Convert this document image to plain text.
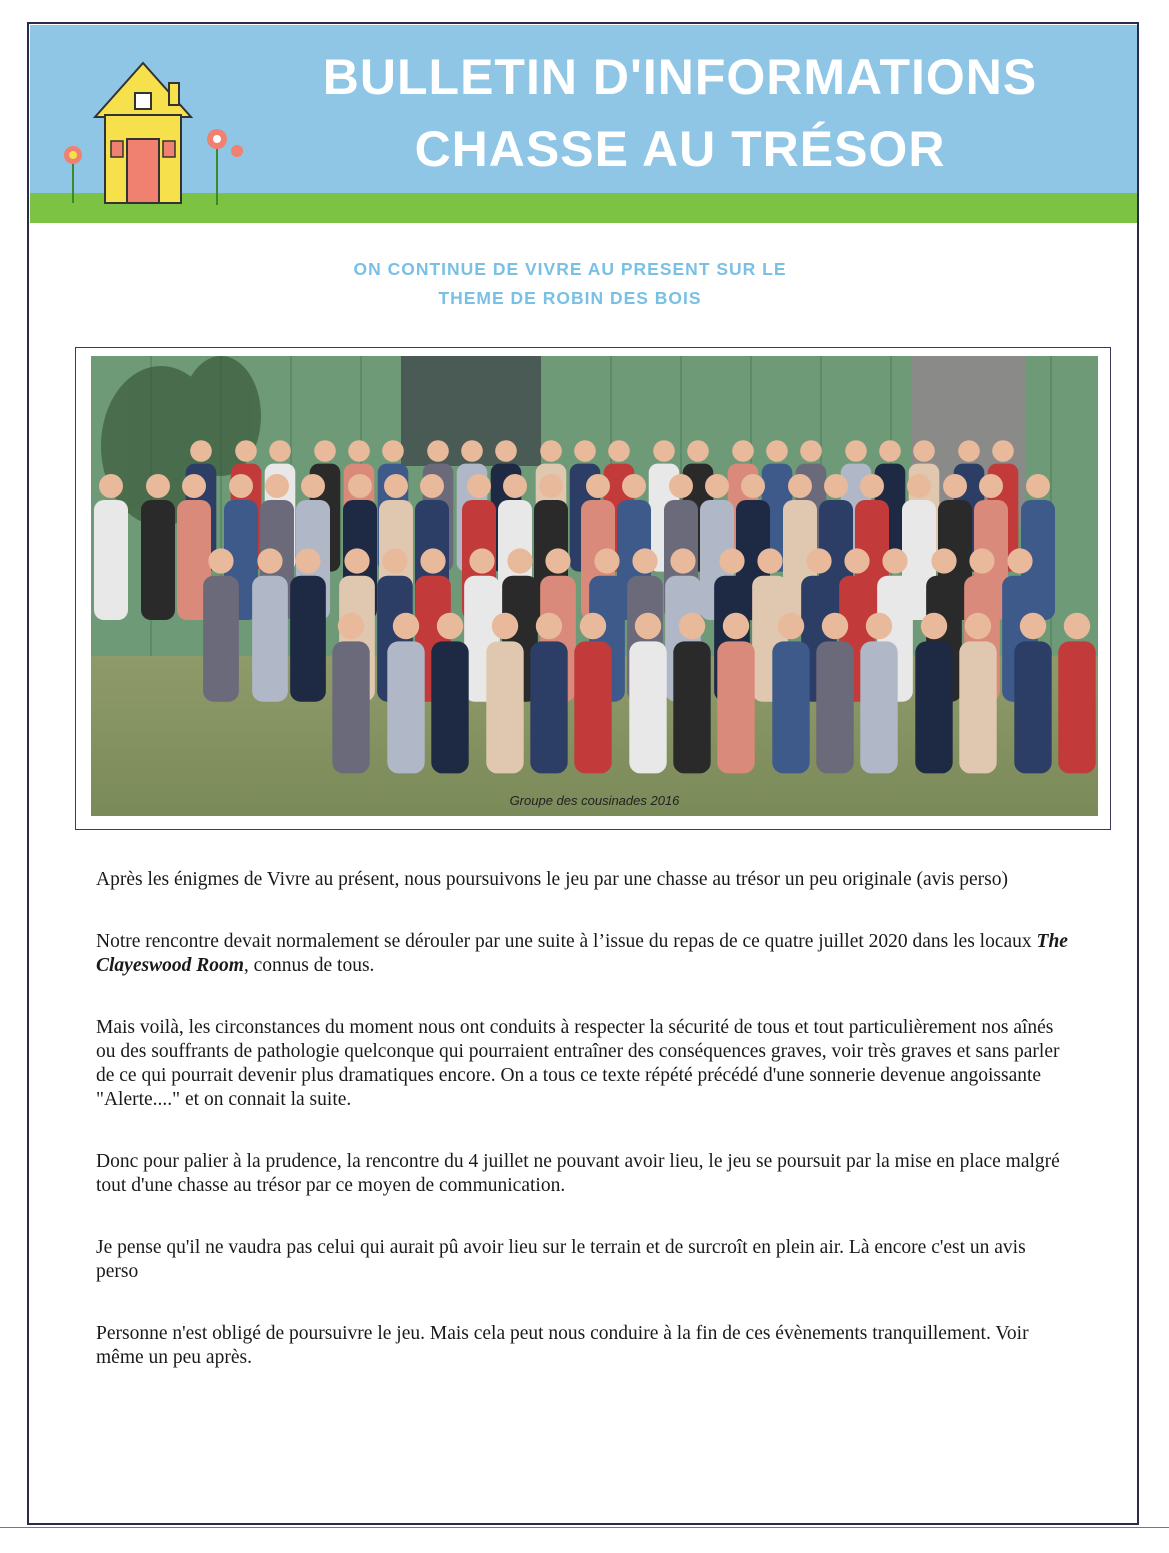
BULLETIN D'INFORMATIONS
CHASSE AU TRÉSOR
ON CONTINUE DE VIVRE AU PRESENT SUR LE
THEME DE ROBIN DES BOIS
Groupe des cousinades 2016

Après les énigmes de Vivre au présent, nous poursuivons le jeu par une chasse au trésor un peu originale (avis perso)

Notre rencontre devait normalement se dérouler par une suite à l’issue du repas de ce quatre juillet 2020 dans les locaux The Clayeswood Room, connus de tous.

Mais voilà, les circonstances du moment nous ont conduits à respecter la sécurité de tous et tout particulièrement nos aînés ou des souffrants de pathologie quelconque qui pourraient entraîner des conséquences graves, voir très graves et sans parler de ce qui pourrait devenir plus dramatiques encore. On a tous ce texte répété précédé d'une sonnerie devenue angoissante "Alerte...." et on connait la suite.

Donc pour palier à la prudence, la rencontre du 4 juillet ne pouvant avoir lieu, le jeu se poursuit par la mise en place malgré tout d'une chasse au trésor par ce moyen de communication.

Je pense qu'il ne vaudra pas celui qui aurait pû avoir lieu sur le terrain et de surcroît en plein air. Là encore c'est un avis perso

Personne n'est obligé de poursuivre le jeu. Mais cela peut nous conduire à la fin de ces évènements tranquillement. Voir même un peu après.
